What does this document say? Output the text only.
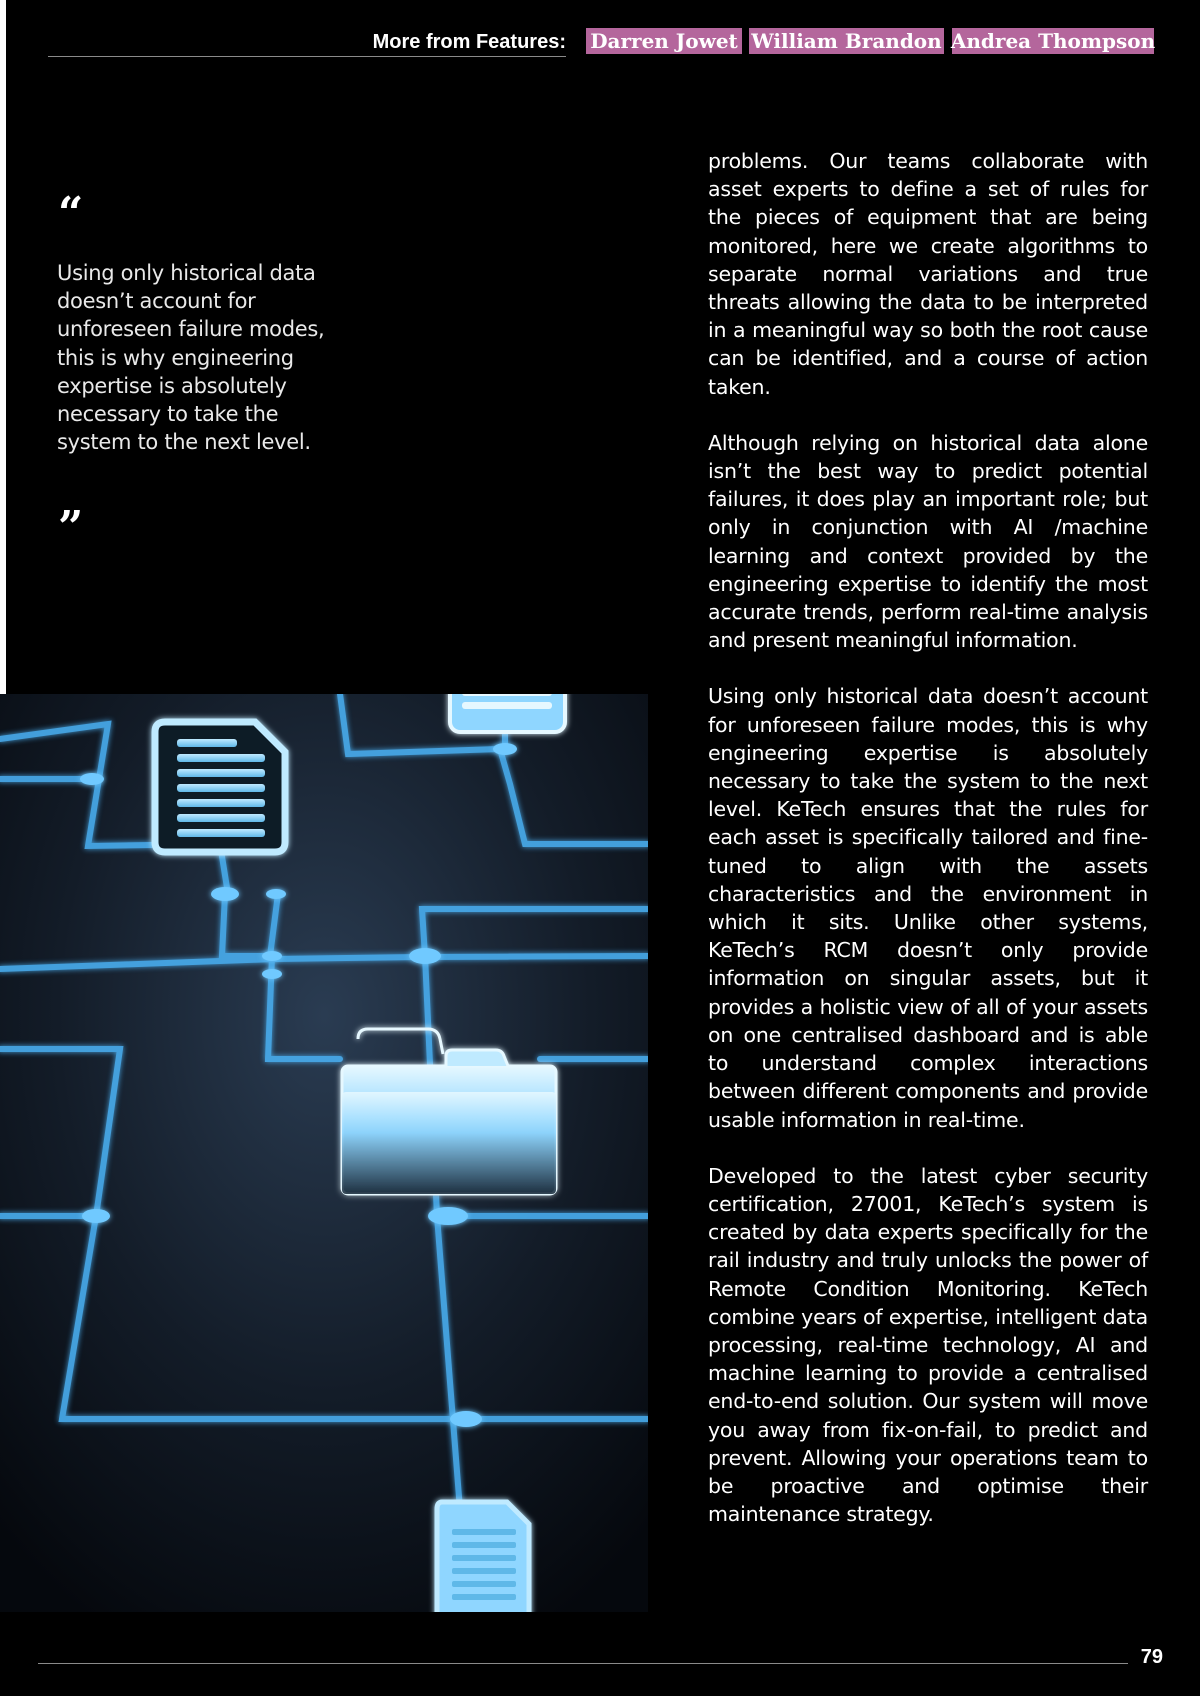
More from Features: Darren Jowet William Brandon Andrea Thompson
“

Using only historical data doesn’t account for unforeseen failure modes, this is why engineering expertise is absolutely necessary to take the system to the next level.

”

problems. Our teams collaborate with asset experts to define a set of rules for the pieces of equipment that are being monitored, here we create algorithms to separate normal variations and true threats allowing the data to be interpreted in a meaningful way so both the root cause can be identified, and a course of action taken.

Although relying on historical data alone isn’t the best way to predict potential failures, it does play an important role; but only in conjunction with AI /machine learning and context provided by the engineering expertise to identify the most accurate trends, perform real-time analysis and present meaningful information.

Using only historical data doesn’t account for unforeseen failure modes, this is why engineering expertise is absolutely necessary to take the system to the next level. KeTech ensures that the rules for each asset is specifically tailored and fine-tuned to align with the assets characteristics and the environment in which it sits. Unlike other systems, KeTech’s RCM doesn’t only provide information on singular assets, but it provides a holistic view of all of your assets on one centralised dashboard and is able to understand complex interactions between different components and provide usable information in real-time.

Developed to the latest cyber security certification, 27001, KeTech’s system is created by data experts specifically for the rail industry and truly unlocks the power of Remote Condition Monitoring. KeTech combine years of expertise, intelligent data processing, real-time technology, AI and machine learning to provide a centralised end-to-end solution. Our system will move you away from fix-on-fail, to predict and prevent. Allowing your operations team to be proactive and optimise their maintenance strategy.

79
